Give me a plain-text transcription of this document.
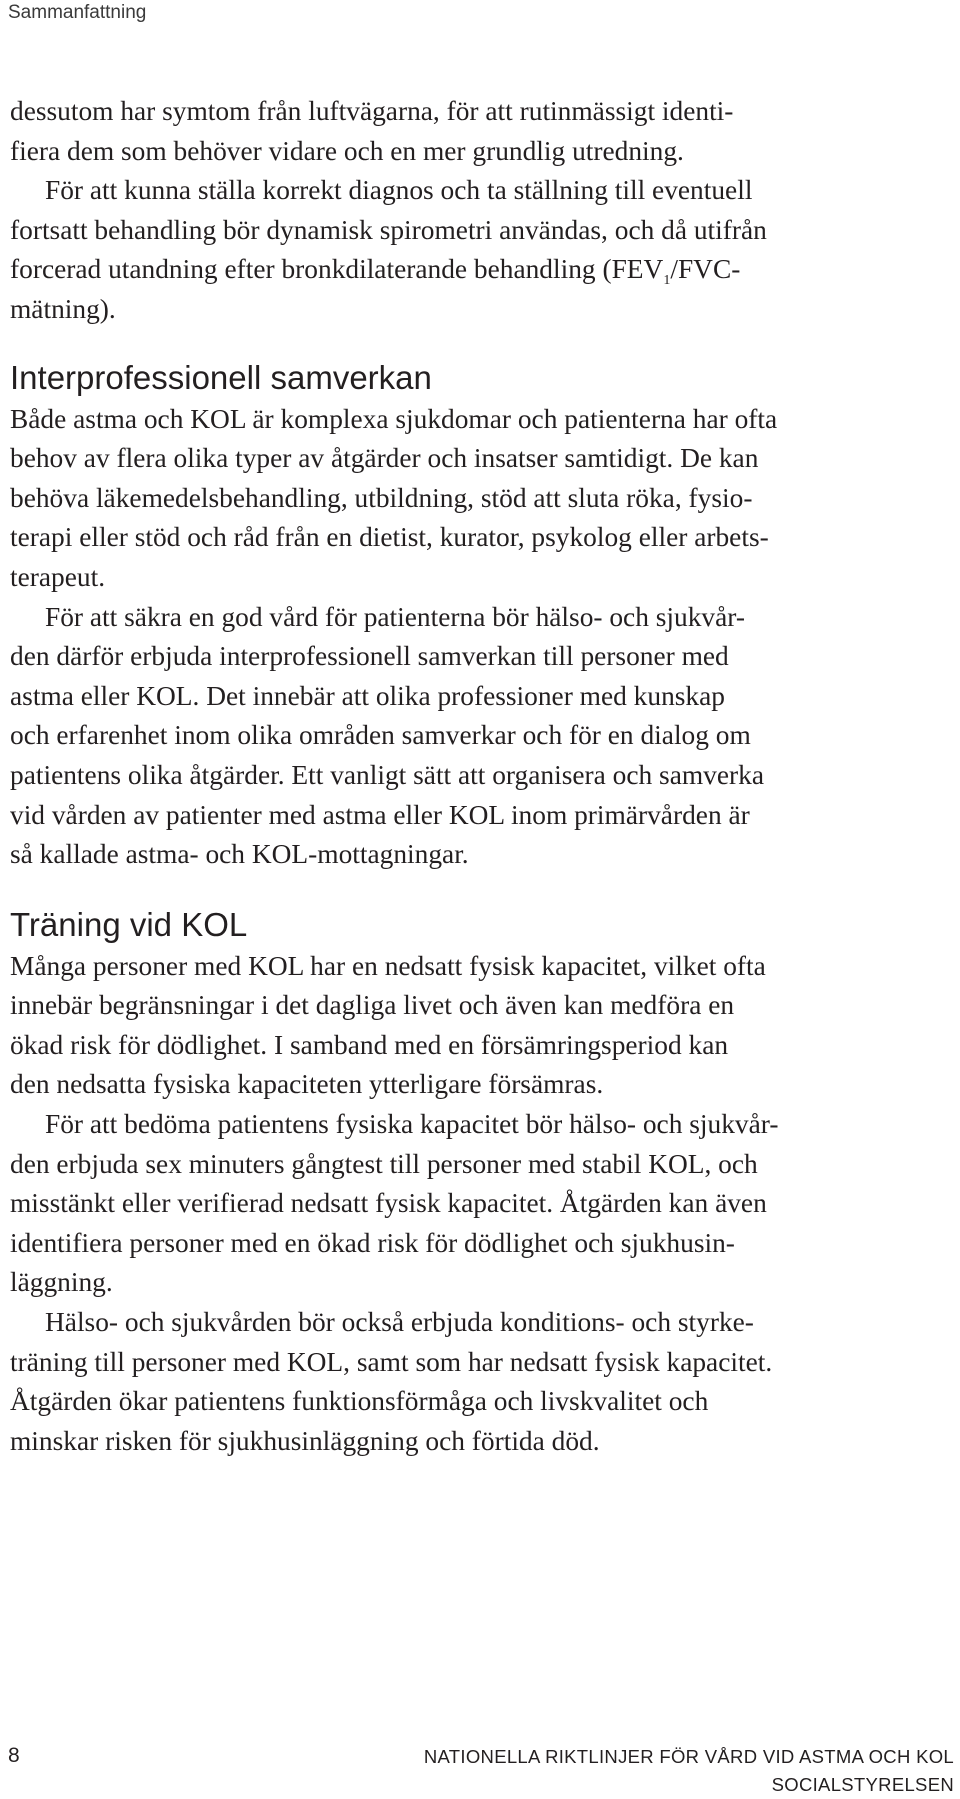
Sammanfattning

dessutom har symtom från luftvägarna, för att rutinmässigt identi-
fiera dem som behöver vidare och en mer grundlig utredning.

För att kunna ställa korrekt diagnos och ta ställning till eventuell
fortsatt behandling bör dynamisk spirometri användas, och då utifrån
forcerad utandning efter bronkdilaterande behandling ($FEV_1/FVC-$
mätning).

Interprofessionell samverkan

Både astma och KOL är komplexa sjukdomar och patienterna har ofta
behov av flera olika typer av åtgärder och insatser samtidigt. De kan
behöva läkemedelsbehandling, utbildning, stöd att sluta röka, fysio-
terapi eller stöd och råd från en dietist, kurator, psykolog eller arbets-
terapeut.

För att säkra en god vård för patienterna bör hälso- och sjukvår-
den därför erbjuda interprofessionell samverkan till personer med
astma eller KOL. Det innebär att olika professioner med kunskap
och erfarenhet inom olika områden samverkar och för en dialog om
patientens olika åtgärder. Ett vanligt sätt att organisera och samverka
vid vården av patienter med astma eller KOL inom primärvården är
så kallade astma- och KOL-mottagningar.

Träning vid KOL

Många personer med KOL har en nedsatt fysisk kapacitet, vilket ofta
innebär begränsningar i det dagliga livet och även kan medföra en
ökad risk för dödlighet. I samband med en försämringsperiod kan
den nedsatta fysiska kapaciteten ytterligare försämras.

För att bedöma patientens fysiska kapacitet bör hälso- och sjukvår-
den erbjuda sex minuters gångtest till personer med stabil KOL, och
misstänkt eller verifierad nedsatt fysisk kapacitet. Åtgärden kan även
identifiera personer med en ökad risk för dödlighet och sjukhusin-
läggning.

Hälso- och sjukvården bör också erbjuda konditions- och styrke-
träning till personer med KOL, samt som har nedsatt fysisk kapacitet.
Åtgärden ökar patientens funktionsförmåga och livskvalitet och
minskar risken för sjukhusinläggning och förtida död.

8	NATIONELLA RIKTLINJER FÖR VÅRD VID ASTMA OCH KOL
SOCIALSTYRELSEN
